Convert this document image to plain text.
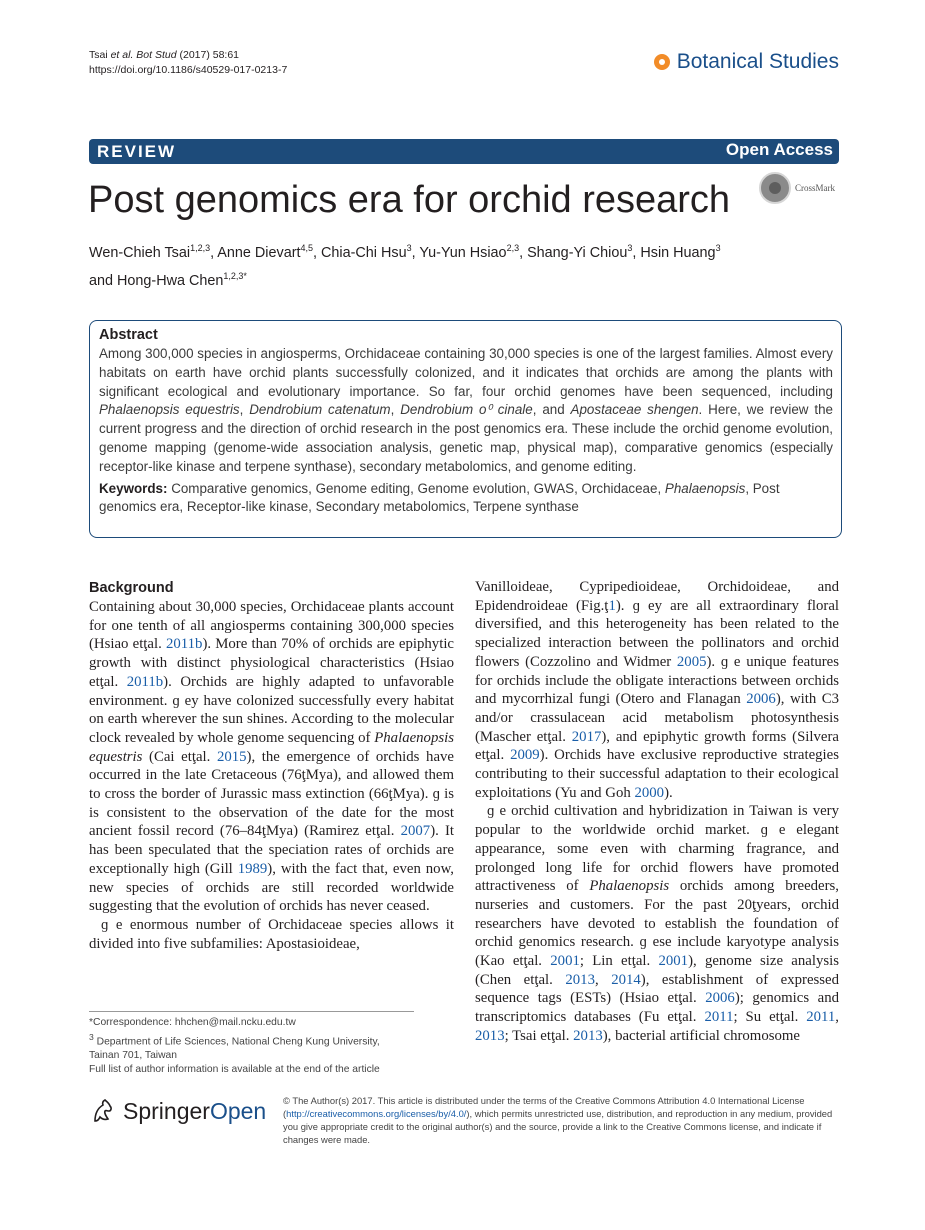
Tsai et al. Bot Stud (2017) 58:61
https://doi.org/10.1186/s40529-017-0213-7	Botanical Studies
REVIEW	Open Access
Post genomics era for orchid research	CrossMark
Wen-Chieh Tsai$^{1,2,3}$, Anne Dievart$^{4,5}$, Chia-Chi Hsu$^3$, Yu-Yun Hsiao$^{2,3}$, Shang-Yi Chiou$^3$, Hsin Huang$^3$
and Hong-Hwa Chen$^{1,2,3*}$
Abstract
Among 300,000 species in angiosperms, Orchidaceae containing 30,000 species is one of the largest families. Almost every habitats on earth have orchid plants successfully colonized, and it indicates that orchids are among the plants with significant ecological and evolutionary importance. So far, four orchid genomes have been sequenced, including Phalaenopsis equestris, Dendrobium catenatum, Dendrobium o⁰ cinale, and Apostaceae shengen. Here, we review the current progress and the direction of orchid research in the post genomics era. These include the orchid genome evolution, genome mapping (genome-wide association analysis, genetic map, physical map), comparative genomics (especially receptor-like kinase and terpene synthase), secondary metabolomics, and genome editing.
Keywords: Comparative genomics, Genome editing, Genome evolution, GWAS, Orchidaceae, Phalaenopsis, Post genomics era, Receptor-like kinase, Secondary metabolomics, Terpene synthase
Background

Containing about 30,000 species, Orchidaceae plants account for one tenth of all angiosperms containing 300,000 species (Hsiao etţal. 2011b). More than 70% of orchids are epiphytic growth with distinct physiological characteristics (Hsiao etţal. 2011b). Orchids are highly adapted to unfavorable environment. ɡ ey have colonized successfully every habitat on earth wherever the sun shines. According to the molecular clock revealed by whole genome sequencing of Phalaenopsis equestris (Cai etţal. 2015), the emergence of orchids have occurred in the late Cretaceous (76ţMya), and allowed them to cross the border of Jurassic mass extinction (66ţMya). ɡ is is consistent to the observation of the date for the most ancient fossil record (76–84ţMya) (Ramirez etţal. 2007). It has been speculated that the speciation rates of orchids are exceptionally high (Gill 1989), with the fact that, even now, new species of orchids are still recorded worldwide suggesting that the evolution of orchids has never ceased.

ɡ e enormous number of Orchidaceae species allows it divided into five subfamilies: Apostasioideae,

Vanilloideae, Cypripedioideae, Orchidoideae, and Epidendroideae (Fig.ţ1). ɡ ey are all extraordinary floral diversified, and this heterogeneity has been related to the specialized interaction between the pollinators and orchid flowers (Cozzolino and Widmer 2005). ɡ e unique features for orchids include the obligate interactions between orchids and mycorrhizal fungi (Otero and Flanagan 2006), with C3 and/or crassulacean acid metabolism photosynthesis (Mascher etţal. 2017), and epiphytic growth forms (Silvera etţal. 2009). Orchids have exclusive reproductive strategies contributing to their successful adaptation to their ecological exploitations (Yu and Goh 2000).

ɡ e orchid cultivation and hybridization in Taiwan is very popular to the worldwide orchid market. ɡ e elegant appearance, some even with charming fragrance, and prolonged long life for orchid flowers have promoted attractiveness of Phalaenopsis orchids among breeders, nurseries and customers. For the past 20ţyears, orchid researchers have devoted to establish the foundation of orchid genomics research. ɡ ese include karyotype analysis (Kao etţal. 2001; Lin etţal. 2001), genome size analysis (Chen etţal. 2013, 2014), establishment of expressed sequence tags (ESTs) (Hsiao etţal. 2006); genomics and transcriptomics databases (Fu etţal. 2011; Su etţal. 2011, 2013; Tsai etţal. 2013), bacterial artificial chromosome

*Correspondence: hhchen@mail.ncku.edu.tw
$^3$ Department of Life Sciences, National Cheng Kung University,
Tainan 701, Taiwan
Full list of author information is available at the end of the article
SpringerOpen © The Author(s) 2017. This article is distributed under the terms of the Creative Commons Attribution 4.0 International License (http://creativecommons.org/licenses/by/4.0/), which permits unrestricted use, distribution, and reproduction in any medium, provided you give appropriate credit to the original author(s) and the source, provide a link to the Creative Commons license, and indicate if changes were made.
